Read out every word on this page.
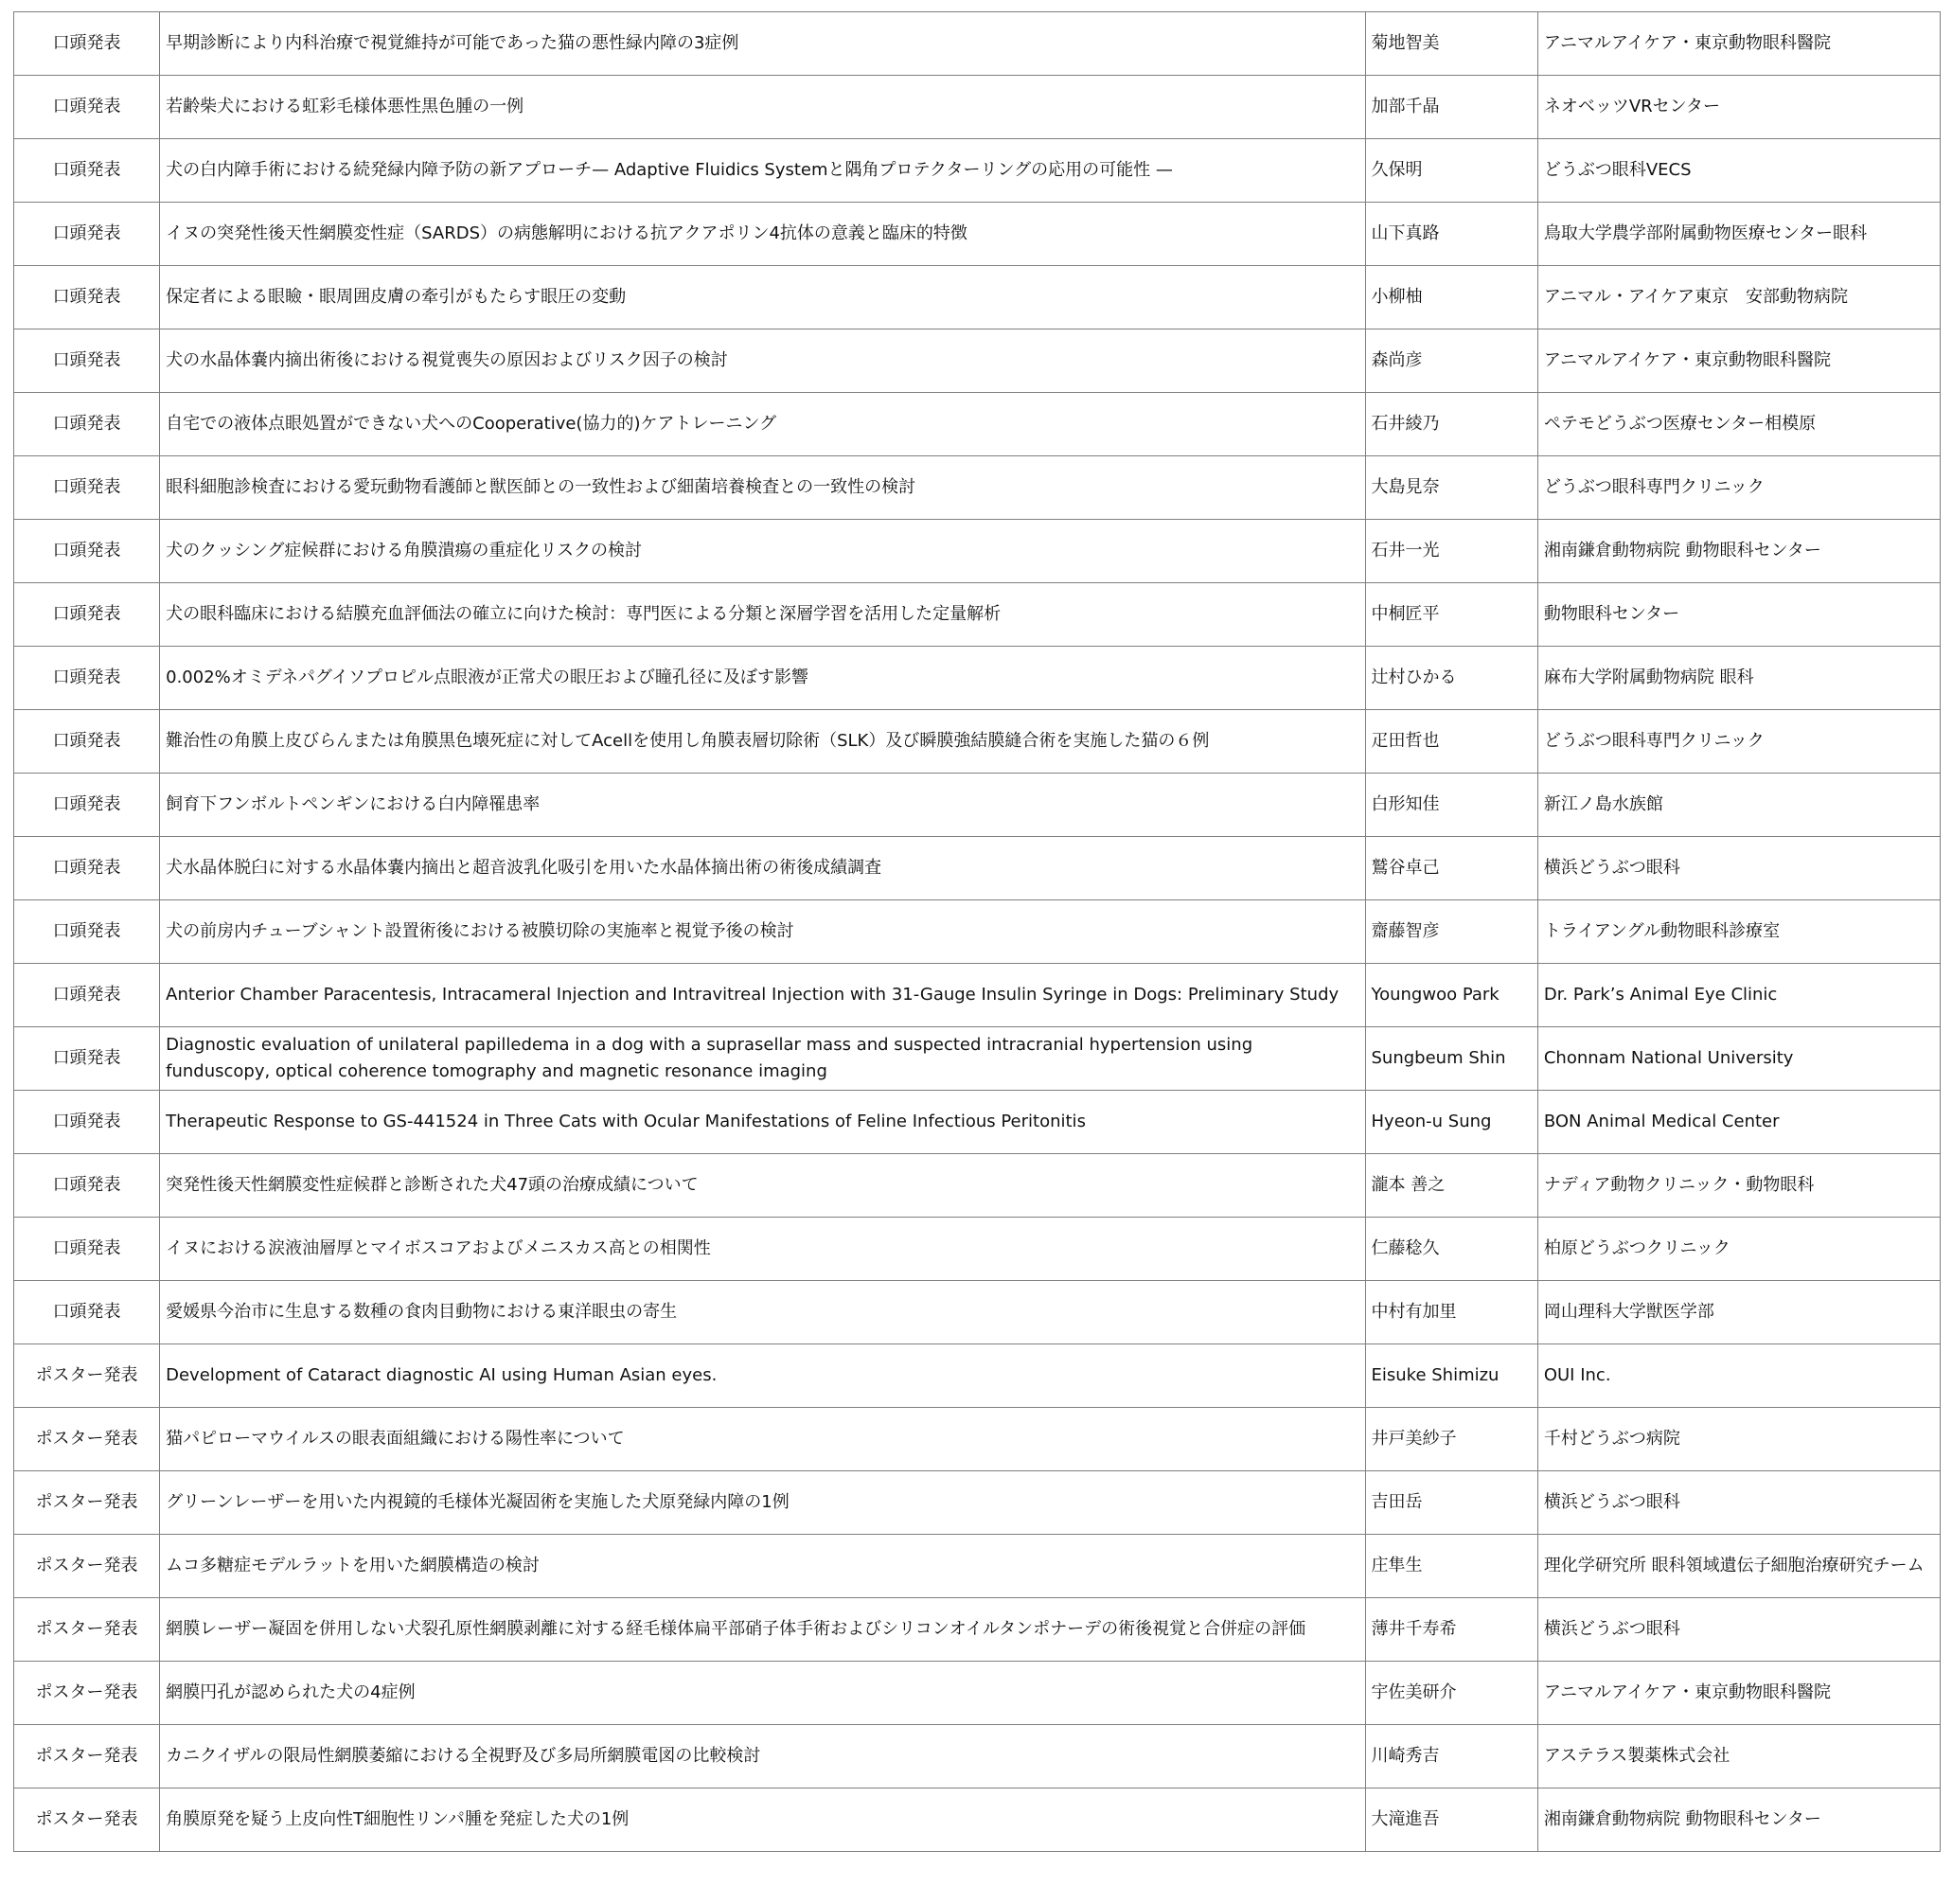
口頭発表	早期診断により内科治療で視覚維持が可能であった猫の悪性緑内障の3症例	菊地智美	アニマルアイケア・東京動物眼科醫院
口頭発表	若齢柴犬における虹彩毛様体悪性黒色腫の一例	加部千晶	ネオベッツVRセンター
口頭発表	犬の白内障手術における続発緑内障予防の新アプローチ— Adaptive Fluidics Systemと隅角プロテクターリングの応用の可能性 —	久保明	どうぶつ眼科VECS
口頭発表	イヌの突発性後天性網膜変性症（SARDS）の病態解明における抗アクアポリン4抗体の意義と臨床的特徴	山下真路	鳥取大学農学部附属動物医療センター眼科
口頭発表	保定者による眼瞼・眼周囲皮膚の牽引がもたらす眼圧の変動	小柳柚	アニマル・アイケア東京　安部動物病院
口頭発表	犬の水晶体嚢内摘出術後における視覚喪失の原因およびリスク因子の検討	森尚彦	アニマルアイケア・東京動物眼科醫院
口頭発表	自宅での液体点眼処置ができない犬へのCooperative(協力的)ケアトレーニング	石井綾乃	ペテモどうぶつ医療センター相模原
口頭発表	眼科細胞診検査における愛玩動物看護師と獣医師との一致性および細菌培養検査との一致性の検討	大島見奈	どうぶつ眼科専門クリニック
口頭発表	犬のクッシング症候群における角膜潰瘍の重症化リスクの検討	石井一光	湘南鎌倉動物病院 動物眼科センター
口頭発表	犬の眼科臨床における結膜充血評価法の確立に向けた検討：専門医による分類と深層学習を活用した定量解析	中桐匠平	動物眼科センター
口頭発表	0.002%オミデネパグイソプロピル点眼液が正常犬の眼圧および瞳孔径に及ぼす影響	辻村ひかる	麻布大学附属動物病院 眼科
口頭発表	難治性の角膜上皮びらんまたは角膜黒色壊死症に対してAcellを使用し角膜表層切除術（SLK）及び瞬膜強結膜縫合術を実施した猫の６例	疋田哲也	どうぶつ眼科専門クリニック
口頭発表	飼育下フンボルトペンギンにおける白内障罹患率	白形知佳	新江ノ島水族館
口頭発表	犬水晶体脱臼に対する水晶体嚢内摘出と超音波乳化吸引を用いた水晶体摘出術の術後成績調査	鷲谷卓己	横浜どうぶつ眼科
口頭発表	犬の前房内チューブシャント設置術後における被膜切除の実施率と視覚予後の検討	齋藤智彦	トライアングル動物眼科診療室
口頭発表	Anterior Chamber Paracentesis, Intracameral Injection and Intravitreal Injection with 31-Gauge Insulin Syringe in Dogs: Preliminary Study	Youngwoo Park	Dr. Park’s Animal Eye Clinic
口頭発表	Diagnostic evaluation of unilateral papilledema in a dog with a suprasellar mass and suspected intracranial hypertension using funduscopy, optical coherence tomography and magnetic resonance imaging	Sungbeum Shin	Chonnam National University
口頭発表	Therapeutic Response to GS-441524 in Three Cats with Ocular Manifestations of Feline Infectious Peritonitis	Hyeon-u Sung	BON Animal Medical Center
口頭発表	突発性後天性網膜変性症候群と診断された犬47頭の治療成績について	瀧本 善之	ナディア動物クリニック・動物眼科
口頭発表	イヌにおける涙液油層厚とマイボスコアおよびメニスカス高との相関性	仁藤稔久	柏原どうぶつクリニック
口頭発表	愛媛県今治市に生息する数種の食肉目動物における東洋眼虫の寄生	中村有加里	岡山理科大学獣医学部
ポスター発表	Development of Cataract diagnostic AI using Human Asian eyes.	Eisuke Shimizu	OUI Inc.
ポスター発表	猫パピローマウイルスの眼表面組織における陽性率について	井戸美紗子	千村どうぶつ病院
ポスター発表	グリーンレーザーを用いた内視鏡的毛様体光凝固術を実施した犬原発緑内障の1例	吉田岳	横浜どうぶつ眼科
ポスター発表	ムコ多糖症モデルラットを用いた網膜構造の検討	庄隼生	理化学研究所 眼科領域遺伝子細胞治療研究チーム
ポスター発表	網膜レーザー凝固を併用しない犬裂孔原性網膜剥離に対する経毛様体扁平部硝子体手術およびシリコンオイルタンポナーデの術後視覚と合併症の評価	薄井千寿希	横浜どうぶつ眼科
ポスター発表	網膜円孔が認められた犬の4症例	宇佐美研介	アニマルアイケア・東京動物眼科醫院
ポスター発表	カニクイザルの限局性網膜萎縮における全視野及び多局所網膜電図の比較検討	川崎秀吉	アステラス製薬株式会社
ポスター発表	角膜原発を疑う上皮向性T細胞性リンパ腫を発症した犬の1例	大滝進吾	湘南鎌倉動物病院 動物眼科センター
